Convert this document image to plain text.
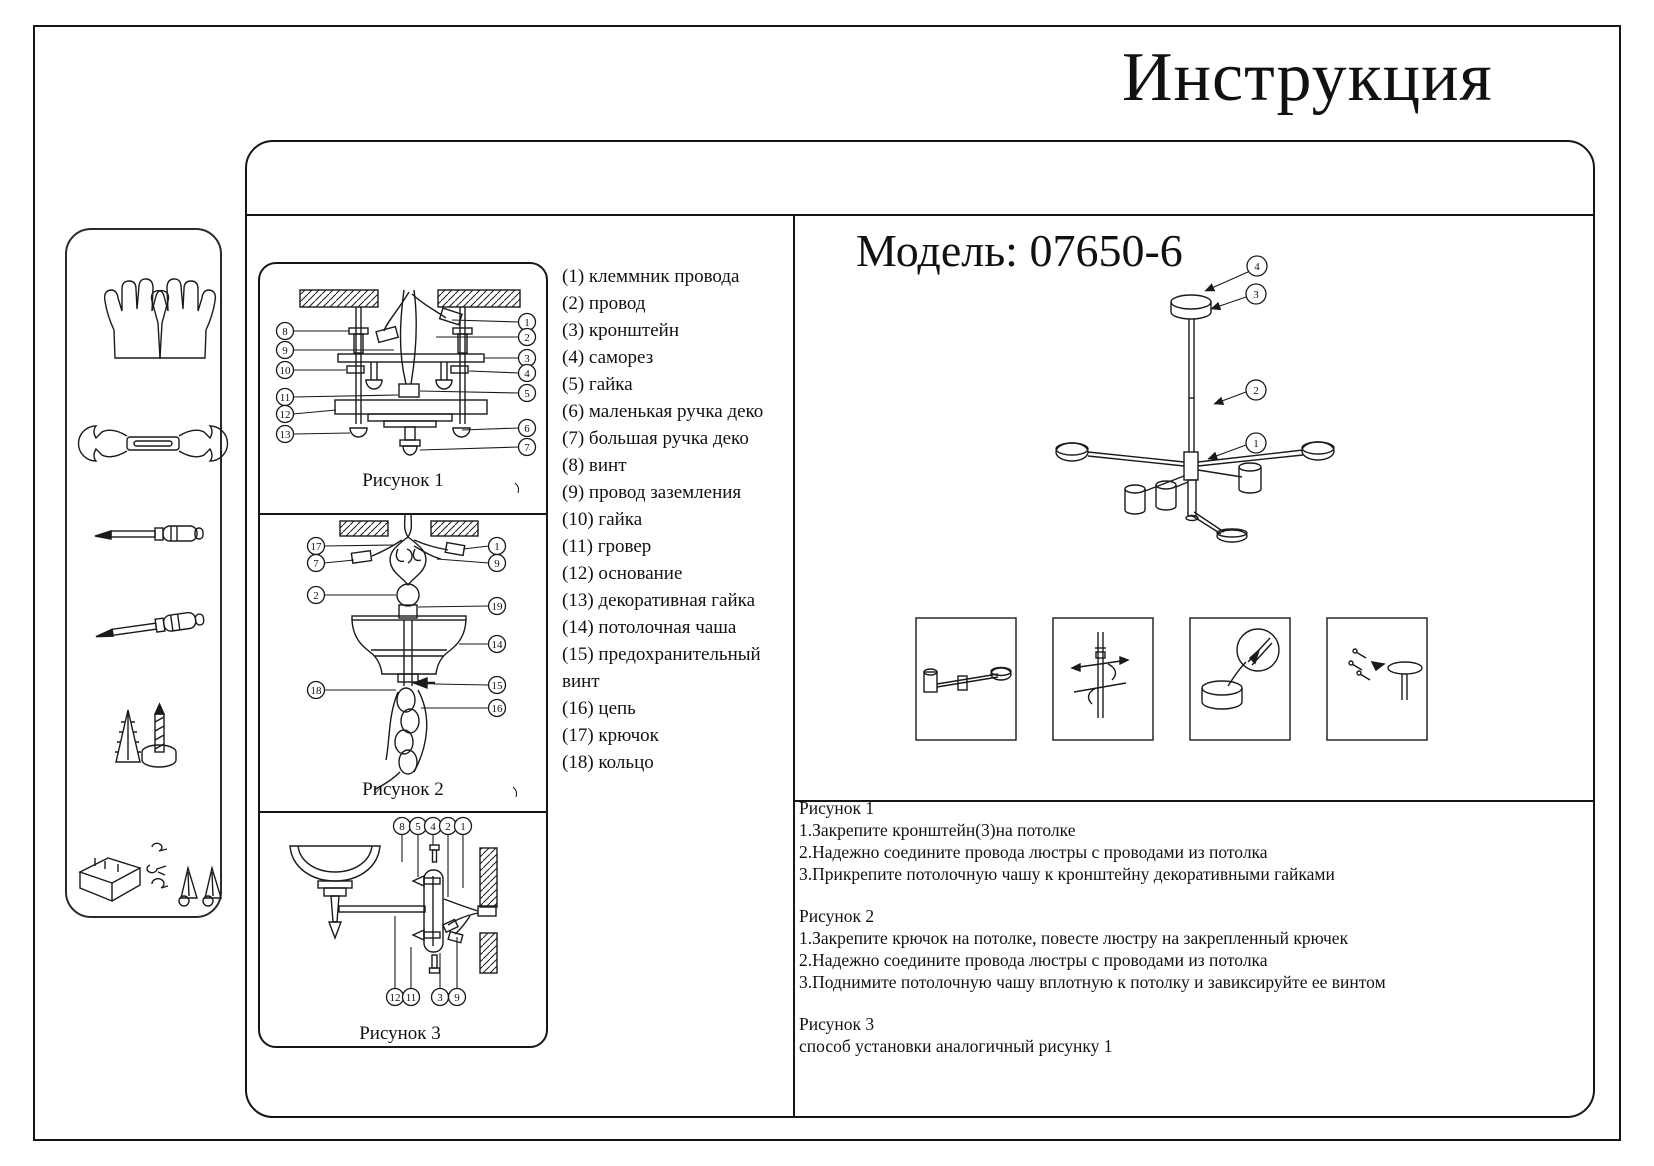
Инструкция
8
9
10
11
12
13
1
2
3
4
5
6
7
Рисунок 1
17
7
2
18
1
9
19
14
15
16
Рисунок 2
8 5 4 2 1
12 11 3 9
Рисунок 3
(1) клеммник провода
(2) провод
(3) кронштейн
(4) саморез
(5) гайка
(6) маленькая ручка деко
(7) большая ручка деко
(8) винт
(9) провод заземления
(10) гайка
(11) гровер
(12) основание
(13) декоративная гайка
(14) потолочная чаша
(15) предохранительный винт
(16) цепь
(17) крючок
(18) кольцо
Модель: 07650-6	4
3
2
1

Рисунок 1

1.Закрепите кронштейн(3)на потолке

2.Надежно соедините провода люстры с проводами из потолка

3.Прикрепите потолочную чашу к кронштейну декоративными гайками

Рисунок 2

1.Закрепите крючок на потолке, повесте люстру на закрепленный крючек

2.Надежно соедините провода люстры с проводами из потолка

3.Поднимите потолочную чашу вплотную к потолку и завиксируйте ее винтом

Рисунок 3

способ установки аналогичный рисунку 1
